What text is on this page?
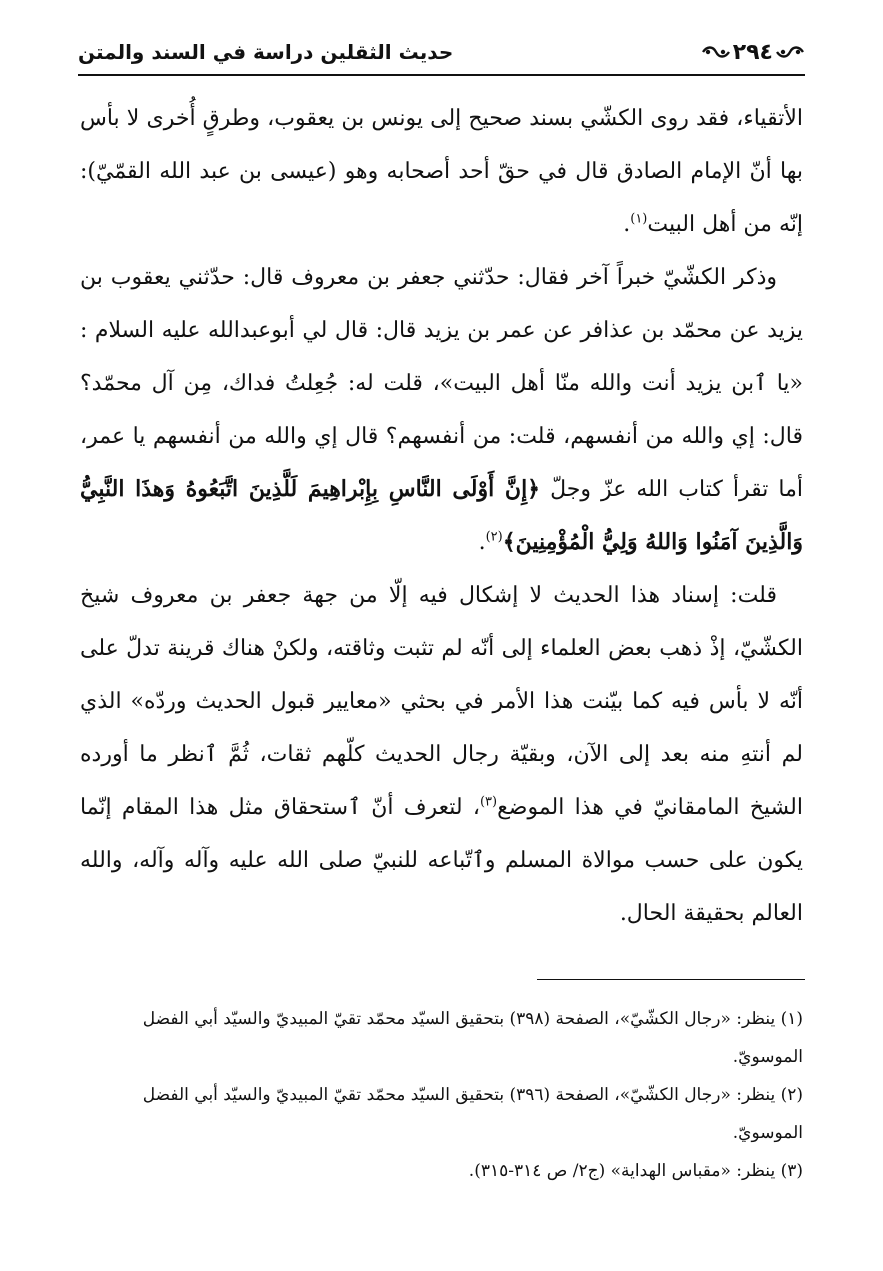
حديث الثقلين دراسة في السند والمتن	٢٩٤

الأتقياء، فقد روى الكشّي بسند صحيح إلى يونس بن يعقوب، وطرقٍ أُخرى لا بأس بها أنّ الإمام الصادق قال في حقّ أحد أصحابه وهو (عيسى بن عبد الله القمّيّ): إنّه من أهل البيت$^{(١)}$.

وذكر الكشّيّ خبراً آخر فقال: حدّثني جعفر بن معروف قال: حدّثني يعقوب بن يزيد عن محمّد بن عذافر عن عمر بن يزيد قال: قال لي أبوعبدالله عليه السلام : «يا ٱبن يزيد أنت والله منّا أهل البيت»، قلت له: جُعِلتُ فداك، مِن آل محمّد؟ قال: إي والله من أنفسهم، قلت: من أنفسهم؟ قال إي والله من أنفسهم يا عمر، أما تقرأ كتاب الله عزّ وجلّ ﴿إِنَّ أَوْلَى النَّاسِ بِإِبْراهِيمَ لَلَّذِينَ اتَّبَعُوهُ وَهذَا النَّبِيُّ وَالَّذِينَ آمَنُوا وَاللهُ وَلِيُّ الْمُؤْمِنِينَ﴾$^{(٢)}$.

قلت: إسناد هذا الحديث لا إشكال فيه إلّا من جهة جعفر بن معروف شيخ الكشّيّ، إذْ ذهب بعض العلماء إلى أنّه لم تثبت وثاقته، ولكنْ هناك قرينة تدلّ على أنّه لا بأس فيه كما بيّنت هذا الأمر في بحثي «معايير قبول الحديث وردّه» الذي لم أنتهِ منه بعد إلى الآن، وبقيّة رجال الحديث كلّهم ثقات، ثُمَّ ٱنظر ما أورده الشيخ المامقانيّ في هذا الموضع$^{(٣)}$، لتعرف أنّ ٱستحقاق مثل هذا المقام إنّما يكون على حسب موالاة المسلم وٱتّباعه للنبيّ صلى الله عليه وآله وآله، والله العالم بحقيقة الحال.

(١) ينظر: «رجال الكشّيّ»، الصفحة (٣٩٨) بتحقيق السيّد محمّد تقيّ المبيديّ والسيّد أبي الفضل الموسويّ.

(٢) ينظر: «رجال الكشّيّ»، الصفحة (٣٩٦) بتحقيق السيّد محمّد تقيّ المبيديّ والسيّد أبي الفضل الموسويّ.

(٣) ينظر: «مقباس الهداية» (ج٢/ ص ٣١٤-٣١٥).
